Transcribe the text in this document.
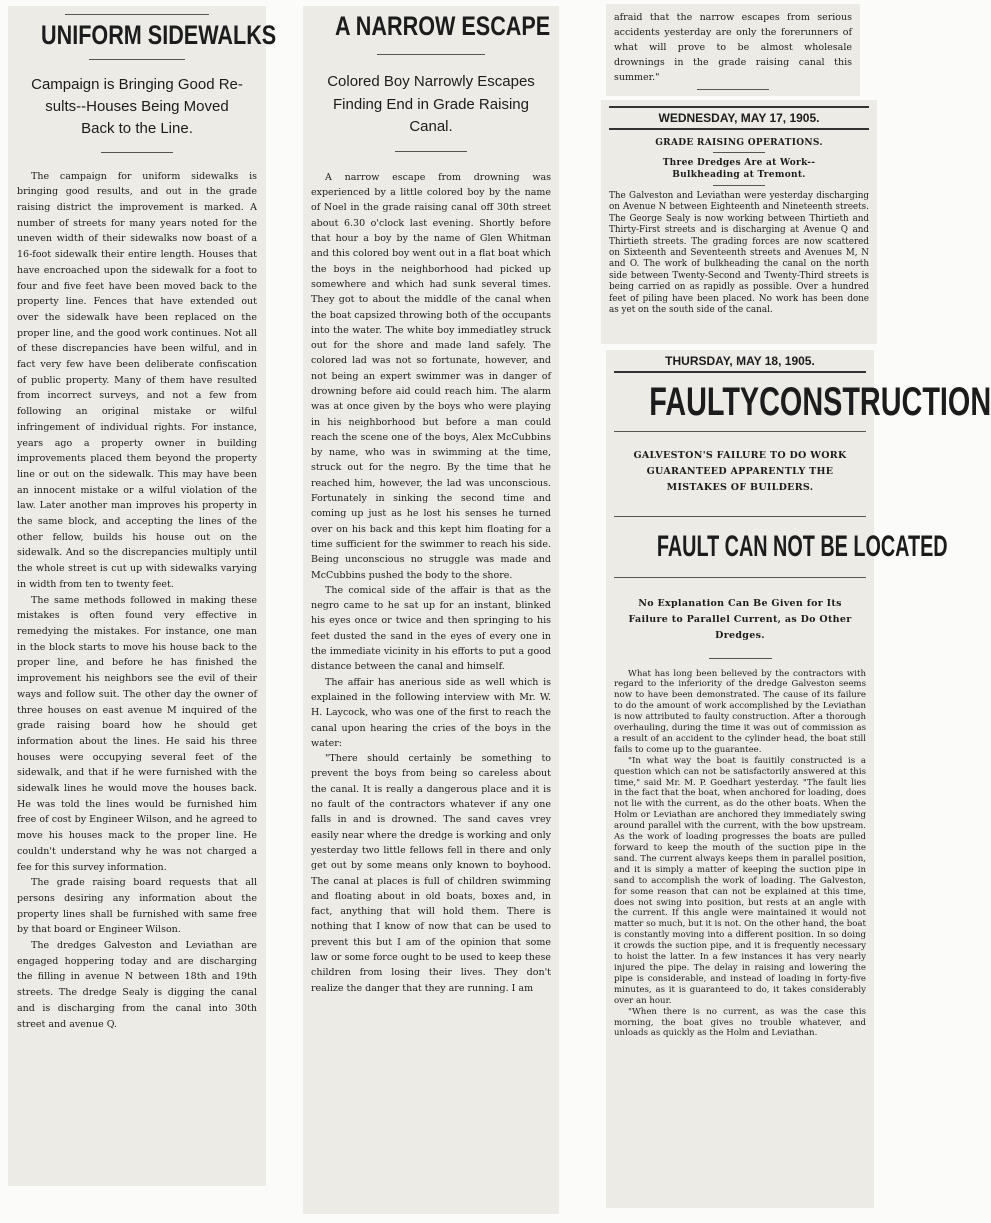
UNIFORM SIDEWALKS

Campaign is Bringing Good Re-sults--Houses Being Moved Back to the Line.

The campaign for uniform sidewalks is bringing good results, and out in the grade raising district the improvement is marked. A number of streets for many years noted for the uneven width of their sidewalks now boast of a 16-foot sidewalk their entire length. Houses that have encroached upon the sidewalk for a foot to four and five feet have been moved back to the property line. Fences that have extended out over the sidewalk have been replaced on the proper line, and the good work continues. Not all of these discrepancies have been wilful, and in fact very few have been deliberate confiscation of public property. Many of them have resulted from incorrect surveys, and not a few from following an original mistake or wilful infringement of individual rights. For instance, years ago a property owner in building improvements placed them beyond the property line or out on the sidewalk. This may have been an innocent mistake or a wilful violation of the law. Later another man improves his property in the same block, and accepting the lines of the other fellow, builds his house out on the sidewalk. And so the discrepancies multiply until the whole street is cut up with sidewalks varying in width from ten to twenty feet.

The same methods followed in making these mistakes is often found very effective in remedying the mistakes. For instance, one man in the block starts to move his house back to the proper line, and before he has finished the improvement his neighbors see the evil of their ways and follow suit. The other day the owner of three houses on east avenue M inquired of the grade raising board how he should get information about the lines. He said his three houses were occupying several feet of the sidewalk, and that if he were furnished with the sidewalk lines he would move the houses back. He was told the lines would be furnished him free of cost by Engineer Wilson, and he agreed to move his houses mack to the proper line. He couldn't understand why he was not charged a fee for this survey information.

The grade raising board requests that all persons desiring any information about the property lines shall be furnished with same free by that board or Engineer Wilson.

The dredges Galveston and Leviathan are engaged hoppering today and are discharging the filling in avenue N between 18th and 19th streets. The dredge Sealy is digging the canal and is discharging from the canal into 30th street and avenue Q.

A NARROW ESCAPE

Colored Boy Narrowly Escapes Finding End in Grade Raising Canal.

A narrow escape from drowning was experienced by a little colored boy by the name of Noel in the grade raising canal off 30th street about 6.30 o'clock last evening. Shortly before that hour a boy by the name of Glen Whitman and this colored boy went out in a flat boat which the boys in the neighborhood had picked up somewhere and which had sunk several times. They got to about the middle of the canal when the boat capsized throwing both of the occupants into the water. The white boy immediatley struck out for the shore and made land safely. The colored lad was not so fortunate, however, and not being an expert swimmer was in danger of drowning before aid could reach him. The alarm was at once given by the boys who were playing in his neighborhood but before a man could reach the scene one of the boys, Alex McCubbins by name, who was in swimming at the time, struck out for the negro. By the time that he reached him, however, the lad was unconscious. Fortunately in sinking the second time and coming up just as he lost his senses he turned over on his back and this kept him floating for a time sufficient for the swimmer to reach his side. Being unconscious no struggle was made and McCubbins pushed the body to the shore.

The comical side of the affair is that as the negro came to he sat up for an instant, blinked his eyes once or twice and then springing to his feet dusted the sand in the eyes of every one in the immediate vicinity in his efforts to put a good distance between the canal and himself.

The affair has anerious side as well which is explained in the following interview with Mr. W. H. Laycock, who was one of the first to reach the canal upon hearing the cries of the boys in the water:

"There should certainly be something to prevent the boys from being so careless about the canal. It is really a dangerous place and it is no fault of the contractors whatever if any one falls in and is drowned. The sand caves vrey easily near where the dredge is working and only yesterday two little fellows fell in there and only get out by some means only known to boyhood. The canal at places is full of children swimming and floating about in old boats, boxes and, in fact, anything that will hold them. There is nothing that I know of now that can be used to prevent this but I am of the opinion that some law or some force ought to be used to keep these children from losing their lives. They don't realize the danger that they are running. I am

afraid that the narrow escapes from serious accidents yesterday are only the forerunners of what will prove to be almost wholesale drownings in the grade raising canal this summer."

WEDNESDAY, MAY 17, 1905.

GRADE RAISING OPERATIONS.

Three Dredges Are at Work--Bulkheading at Tremont.

The Galveston and Leviathan were yesterday discharging on Avenue N between Eighteenth and Nineteenth streets. The George Sealy is now working between Thirtieth and Thirty-First streets and is discharging at Avenue Q and Thirtieth streets. The grading forces are now scattered on Sixteenth and Seventeenth streets and Avenues M, N and O. The work of bulkheading the canal on the north side between Twenty-Second and Twenty-Third streets is being carried on as rapidly as possible. Over a hundred feet of piling have been placed. No work has been done as yet on the south side of the canal.

THURSDAY, MAY 18, 1905.

FAULTYCONSTRUCTION

GALVESTON'S FAILURE TO DO WORK GUARANTEED APPARENTLY THE MISTAKES OF BUILDERS.

FAULT CAN NOT BE LOCATED

No Explanation Can Be Given for Its Failure to Parallel Current, as Do Other Dredges.

What has long been believed by the contractors with regard to the inferiority of the dredge Galveston seems now to have been demonstrated. The cause of its failure to do the amount of work accomplished by the Leviathan is now attributed to faulty construction. After a thorough overhauling, during the time it was out of commission as a result of an accident to the cylinder head, the boat still fails to come up to the guarantee.

"In what way the boat is fauitily constructed is a question which can not be satisfactorily answered at this time," said Mr. M. P. Goedhart yesterday. "The fault lies in the fact that the boat, when anchored for loading, does not lie with the current, as do the other boats. When the Holm or Leviathan are anchored they immediately swing around parallel with the current, with the bow upstream. As the work of loading progresses the boats are pulled forward to keep the mouth of the suction pipe in the sand. The current always keeps them in parallel position, and it is simply a matter of keeping the suction pipe in sand to accomplish the work of loading. The Galveston, for some reason that can not be explained at this time, does not swing into position, but rests at an angle with the current. If this angle were maintained it would not matter so much, but it is not. On the other hand, the boat is constantly moving into a different position. In so doing it crowds the suction pipe, and it is frequently necessary to hoist the latter. In a few instances it has very nearly injured the pipe. The delay in raising and lowering the pipe is considerable, and instead of loading in forty-five minutes, as it is guaranteed to do, it takes considerably over an hour.

"When there is no current, as was the case this morning, the boat gives no trouble whatever, and unloads as quickly as the Holm and Leviathan.
